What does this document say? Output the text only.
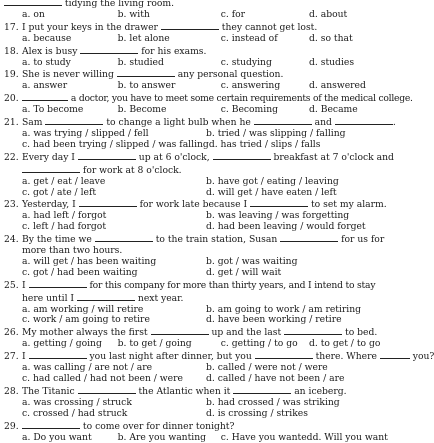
tidying the living room.
a. on	b. with	c. for	d. about
17. I put your keys in the drawer	they cannot get lost.
a. because	b. let alone	c. instead of	d. so that
18. Alex is busy	for his exams.
a. to study	b. studied	c. studying	d. studies
19. She is never willing	any personal question.
a. answer	b. to answer	c. answering	d. answered
20.	a doctor, you have to meet some certain requirements of the medical college.
a. To become	b. Become	c. Becoming	d. Became
21. Sam	to change a light bulb when he	and	.
a. was trying / slipped / fell	b. tried / was slipping / falling
c. had been trying / slipped / was falling d. has tried / slips / falls
22. Every day I	up at 6 o'clock,	breakfast at 7 o'clock and
for work at 8 o'clock.
a. get / eat / leave	b. have got / eating / leaving
c. got / ate / left	d. will get / have eaten / left
23. Yesterday, I	for work late because I	to set my alarm.
a. had left / forgot	b. was leaving / was forgetting
c. left / had forgot	d. had been leaving / would forget
24. By the time we	to the train station, Susan	for us for
more than two hours.
a. will get / has been waiting	b. got / was waiting
c. got / had been waiting	d. get / will wait
25. I	for this company for more than thirty years, and I intend to stay
here until I	next year.
a. am working / will retire	b. am going to work / am retiring
c. work / am going to retire	d. have been working / retire
26. My mother always the first	up and the last	to bed.
a. getting / going	b. to get / going	c. getting / to go	d. to get / to go
27. I	you last night after dinner, but you	there. Where	you?
a. was calling / are not / are	b. called / were not / were
c. had called / had not been / were	d. called / have not been / are
28. The Titanic	the Atlantic when it	an iceberg.
a. was crossing / struck	b. had crossed / was striking
c. crossed / had struck	d. is crossing / strikes
29.	to come over for dinner tonight?
a. Do you want	b. Are you wanting	c. Have you wanted d. Will you want
